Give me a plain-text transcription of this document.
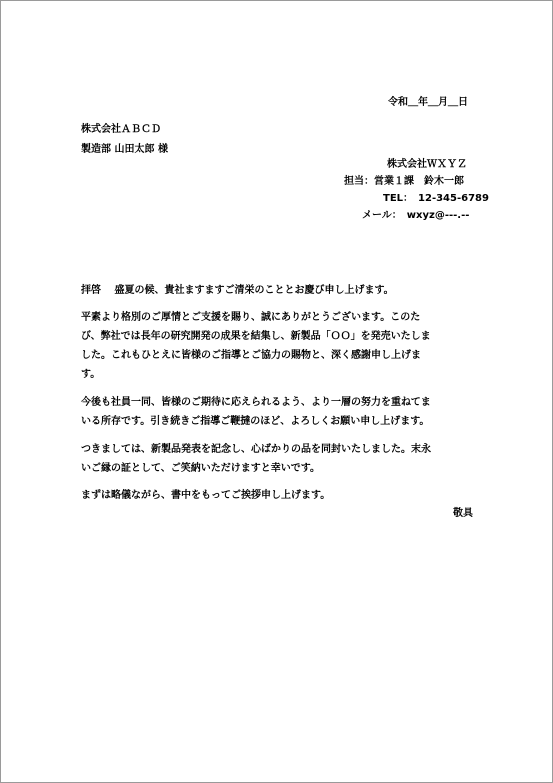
令和＿年＿月＿日
株式会社ＡＢＣＤ
製造部 山田太郎 様
株式会社ＷＸＹＺ
担当：営業１課　鈴木一郎
TEL：　12-345-6789
メール：　wxyz@---.--
拝啓　 盛夏の候、貴社ますますご清栄のこととお慶び申し上げます。
平素より格別のご厚情とご支援を賜り、誠にありがとうございます。このた
び、弊社では長年の研究開発の成果を結集し、新製品「ＯＯ」を発売いたしま
した。これもひとえに皆様のご指導とご協力の賜物と、深く感謝申し上げま
す。
今後も社員一同、皆様のご期待に応えられるよう、より一層の努力を重ねてま
いる所存です。引き続きご指導ご鞭撻のほど、よろしくお願い申し上げます。
つきましては、新製品発表を記念し、心ばかりの品を同封いたしました。末永
いご縁の証として、ご笑納いただけますと幸いです。
まずは略儀ながら、書中をもってご挨拶申し上げます。
敬具
